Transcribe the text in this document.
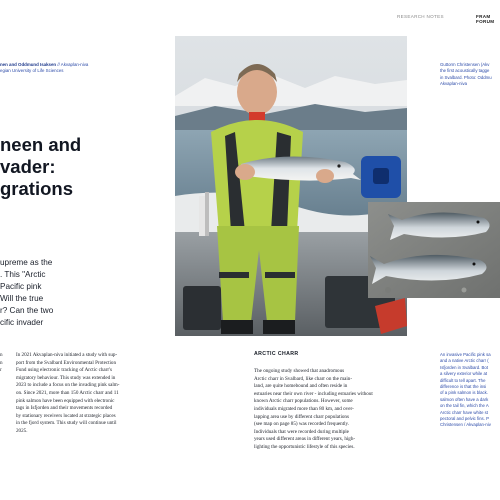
RESEARCH NOTES	FRAM FORUM
nen and Oddmund Isaksen // Akvaplan-niva
egian University of Life Sciences
neen and
vader:
grations
upreme as the
. This "Arctic
Pacific pink
Will the true
r? Can the two
cific invader
n
n
r
In 2021 Akvaplan-niva initiated a study with sup-
port from the Svalbard Environmental Protection
Fund using electronic tracking of Arctic charr's
migratory behaviour. This study was extended in
2023 to include a focus on the invading pink salm-
on. Since 2021, more than 150 Arctic charr and 11
pink salmon have been equipped with electronic
tags in Isfjorden and their movements recorded
by stationary receivers located at strategic places
in the fjord system. This study will continue until
2025.
ARCTIC CHARR
The ongoing study showed that anadromous
Arctic charr in Svalbard, like charr on the main-
land, are quite homebound and often reside in
estuaries near their own river - including estuaries without
known Arctic charr populations. However, some
individuals migrated more than 80 km, and over-
lapping area use by different charr populations
(see map on page 85) was recorded frequently.
Individuals that were recorded during multiple
years used different areas in different years, high-
lighting the opportunistic lifestyle of this species.
Guttorm Christensen (Akv
the first acoustically tagge
in Svalbard. Photo: Oddmu
Akvaplan-niva
An invasive Pacific pink sa
and a native Arctic charr (
Isfjorden in Svalbard. Bot
a silvery exterior while at
difficult to tell apart. The
difference is that the insi
of a pink salmon is black.
salmon often have a dark
on the tail fin, which the A
Arctic charr have white st
pectoral and pelvic fins. P
Christensen / Akvaplan-niv
